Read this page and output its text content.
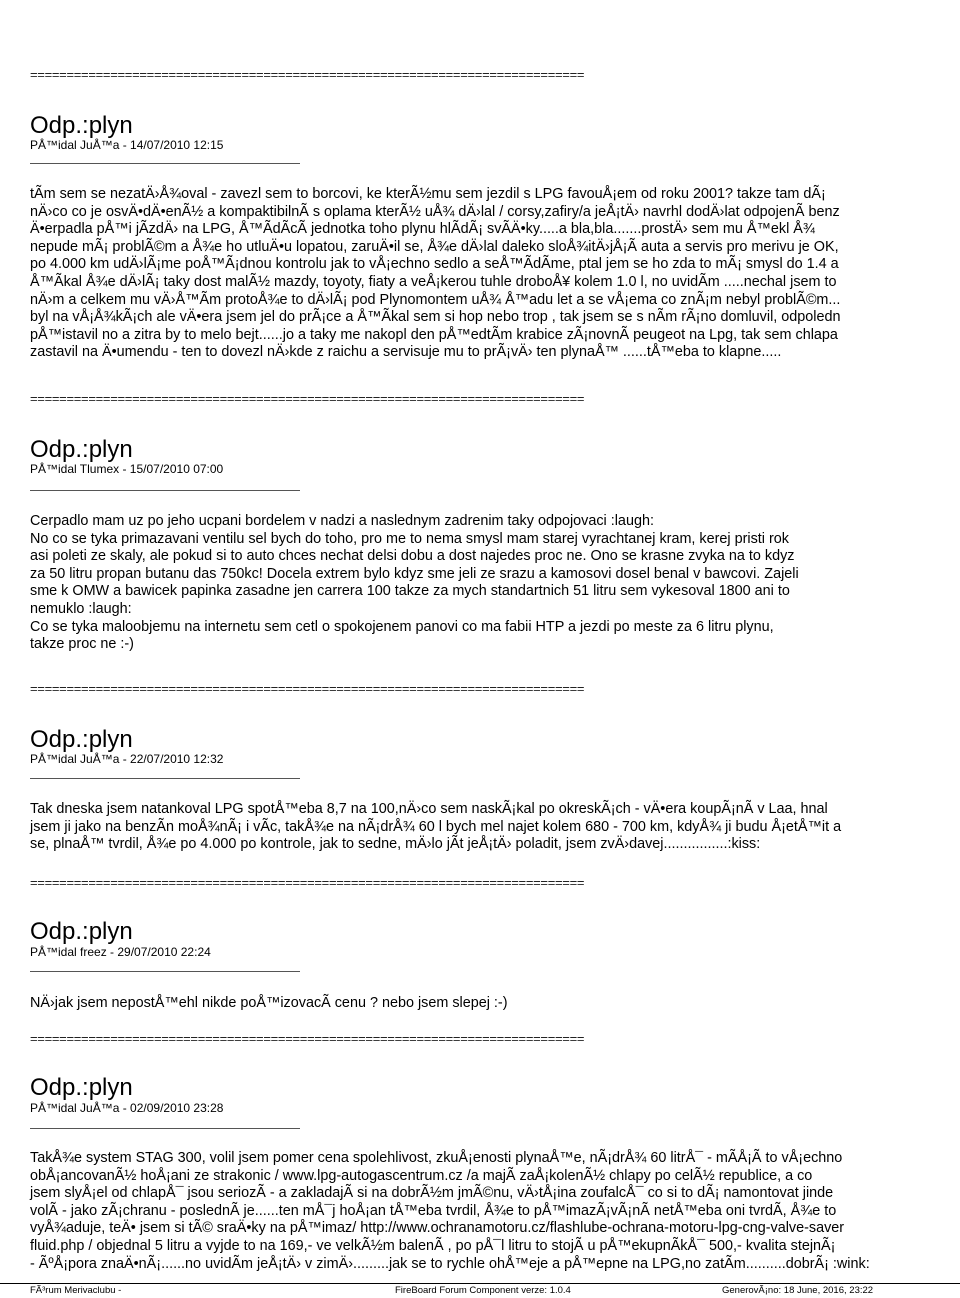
============================================================================
Odp.:plyn
PÅ™idal JuÅ™a - 14/07/2010 12:15
tÃm sem se nezatÄ›Å¾oval - zavezl sem to borcovi, ke kterÃ½mu sem jezdil s LPG favouÅ¡em od roku 2001? takze tam dÃ¡
nÄ›co co je osvÄ•dÄ•enÃ½ a kompaktibilnÃ s oplama kterÃ½ uÅ¾ dÄ›lal / corsy,zafiry/a jeÅ¡tÄ› navrhl dodÄ›lat odpojenÃ benz
Ä•erpadla pÅ™i jÃzdÄ› na LPG, Å™ÃdÃcÃ jednotka toho plynu hlÃdÃ¡ svÃÄ•ky.....a bla,bla.......prostÄ› sem mu Å™ekl Å¾
nepude mÃ¡ problÃ©m a Å¾e ho utluÄ•u lopatou, zaruÄ•il se, Å¾e dÄ›lal daleko sloÅ¾itÄ›jÅ¡Ã auta a servis pro merivu je OK,
po 4.000 km udÄ›lÃ¡me poÅ™Ã¡dnou kontrolu jak to vÅ¡echno sedlo a seÅ™ÃdÃme, ptal jem se ho zda to mÃ¡ smysl do 1.4 a
Å™Ãkal Å¾e dÄ›lÃ¡ taky dost malÃ½ mazdy, toyoty, fiaty a veÅ¡kerou tuhle droboÅ¥ kolem 1.0 l, no uvidÃm .....nechal jsem to
nÄ›m a celkem mu vÄ›Å™Ãm protoÅ¾e to dÄ›lÃ¡ pod Plynomontem uÅ¾ Å™adu let a se vÅ¡ema co znÃ¡m nebyl problÃ©m...
byl na vÅ¡Å¾kÃ¡ch ale vÄ•era jsem jel do prÃ¡ce a Å™Ãkal sem si hop nebo trop , tak jsem se s nÃm rÃ¡no domluvil, odpoledn
pÅ™istavil no a zitra by to melo bejt......jo a taky me nakopl den pÅ™edtÃm krabice zÃ¡novnÃ peugeot na Lpg, tak sem chlapa
zastavil na Ä•umendu - ten to dovezl nÄ›kde z raichu a servisuje mu to prÃ¡vÄ› ten plynaÅ™ ......tÅ™eba to klapne.....
============================================================================
Odp.:plyn
PÅ™idal Tlumex - 15/07/2010 07:00
Cerpadlo mam uz po jeho ucpani bordelem v nadzi a naslednym zadrenim taky odpojovaci :laugh:
No co se tyka primazavani ventilu sel bych do toho, pro me to nema smysl mam starej vyrachtanej kram, kerej pristi rok
asi poleti ze skaly, ale pokud si to auto chces nechat delsi dobu a dost najedes proc ne. Ono se krasne zvyka na to kdyz
za 50 litru propan butanu das 750kc! Docela extrem bylo kdyz sme jeli ze srazu a kamosovi dosel benal v bawcovi. Zajeli
sme k OMW a bawicek papinka zasadne jen carrera 100 takze za mych standartnich 51 litru sem vykesoval 1800 ani to
nemuklo :laugh:
Co se tyka maloobjemu na internetu sem cetl o spokojenem panovi co ma fabii HTP a jezdi po meste za 6 litru plynu,
takze proc ne :-)
============================================================================
Odp.:plyn
PÅ™idal JuÅ™a - 22/07/2010 12:32
Tak dneska jsem natankoval LPG spotÅ™eba 8,7 na 100,nÄ›co sem naskÃ¡kal po okreskÃ¡ch - vÄ•era koupÃ¡nÃ v Laa, hnal
jsem ji jako na benzÃn moÅ¾nÃ¡ i vÃc, takÅ¾e na nÃ¡drÅ¾ 60 l bych mel najet kolem 680 - 700 km, kdyÅ¾ ji budu Å¡etÅ™it a
se, plnaÅ™ tvrdil, Å¾e po 4.000 po kontrole, jak to sedne, mÄ›lo jÃt jeÅ¡tÄ› poladit, jsem zvÄ›davej................:kiss:
============================================================================
Odp.:plyn
PÅ™idal freez - 29/07/2010 22:24
NÄ›jak jsem nepostÅ™ehl nikde poÅ™izovacÃ cenu ? nebo jsem slepej :-)
============================================================================
Odp.:plyn
PÅ™idal JuÅ™a - 02/09/2010 23:28
TakÅ¾e system STAG 300, volil jsem pomer cena spolehlivost, zkuÅ¡enosti plynaÅ™e, nÃ¡drÅ¾ 60 litrÅ¯ - mÃÅ¡Ã to vÅ¡echno
obÅ¡ancovanÃ½ hoÅ¡ani ze strakonic / www.lpg-autogascentrum.cz /a majÃ zaÅ¡kolenÃ½ chlapy po celÃ½ republice, a co
jsem slyÅ¡el od chlapÅ¯ jsou seriozÃ - a zakladajÃ si na dobrÃ½m jmÃ©nu, vÄ›tÅ¡ina zoufalcÅ¯ co si to dÃ¡ namontovat jinde
volÃ - jako zÃ¡chranu - poslednÃ je......ten mÅ¯j hoÅ¡an tÅ™eba tvrdil, Å¾e to pÅ™imazÃ¡vÃ¡nÃ netÅ™eba oni tvrdÃ, Å¾e to
vyÅ¾aduje, teÄ• jsem si tÃ© sraÄ•ky na pÅ™imaz/ http://www.ochranamotoru.cz/flashlube-ochrana-motoru-lpg-cng-valve-saver
fluid.php / objednal 5 litru a vyjde to na 169,- ve velkÃ½m balenÃ , po pÅ¯l litru to stojÃ u pÅ™ekupnÃkÅ¯ 500,- kvalita stejnÃ¡
- ÃºÅ¡pora znaÄ•nÃ¡......no uvidÃm jeÅ¡tÄ› v zimÄ›.........jak se to rychle ohÅ™eje a pÅ™epne na LPG,no zatÃm..........dobrÃ¡ :wink:
FÃ³rum Merivaclubu -	FireBoard Forum Component verze: 1.0.4	GenerovÃ¡no: 18 June, 2016, 23:22
